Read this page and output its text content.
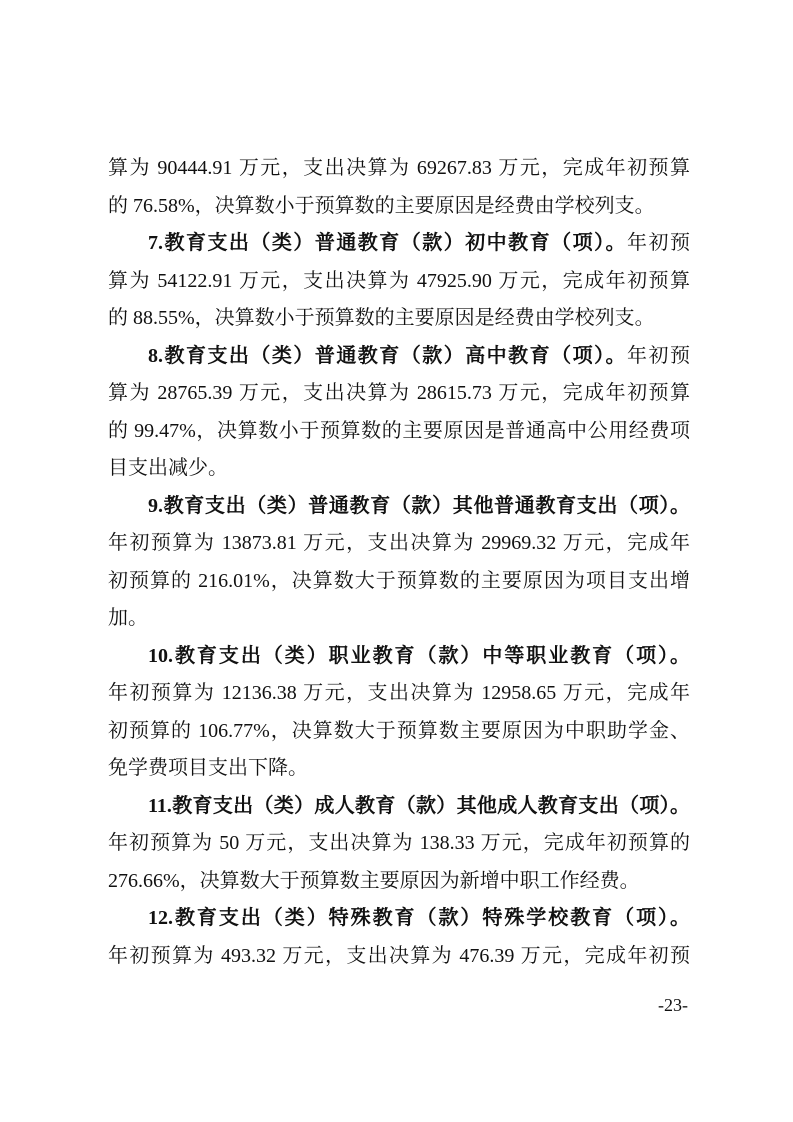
算为 90444.91 万元，支出决算为 69267.83 万元，完成年初预算
的 76.58%，决算数小于预算数的主要原因是经费由学校列支。
7.教育支出（类）普通教育（款）初中教育（项）。年初预
算为 54122.91 万元，支出决算为 47925.90 万元，完成年初预算
的 88.55%，决算数小于预算数的主要原因是经费由学校列支。
8.教育支出（类）普通教育（款）高中教育（项）。年初预
算为 28765.39 万元，支出决算为 28615.73 万元，完成年初预算
的 99.47%，决算数小于预算数的主要原因是普通高中公用经费项
目支出减少。
9.教育支出（类）普通教育（款）其他普通教育支出（项）。
年初预算为 13873.81 万元，支出决算为 29969.32 万元，完成年
初预算的 216.01%，决算数大于预算数的主要原因为项目支出增
加。
10.教育支出（类）职业教育（款）中等职业教育（项）。
年初预算为 12136.38 万元，支出决算为 12958.65 万元，完成年
初预算的 106.77%，决算数大于预算数主要原因为中职助学金、
免学费项目支出下降。
11.教育支出（类）成人教育（款）其他成人教育支出（项）。
年初预算为 50 万元，支出决算为 138.33 万元，完成年初预算的
276.66%，决算数大于预算数主要原因为新增中职工作经费。
12.教育支出（类）特殊教育（款）特殊学校教育（项）。
年初预算为 493.32 万元，支出决算为 476.39 万元，完成年初预
-23-
